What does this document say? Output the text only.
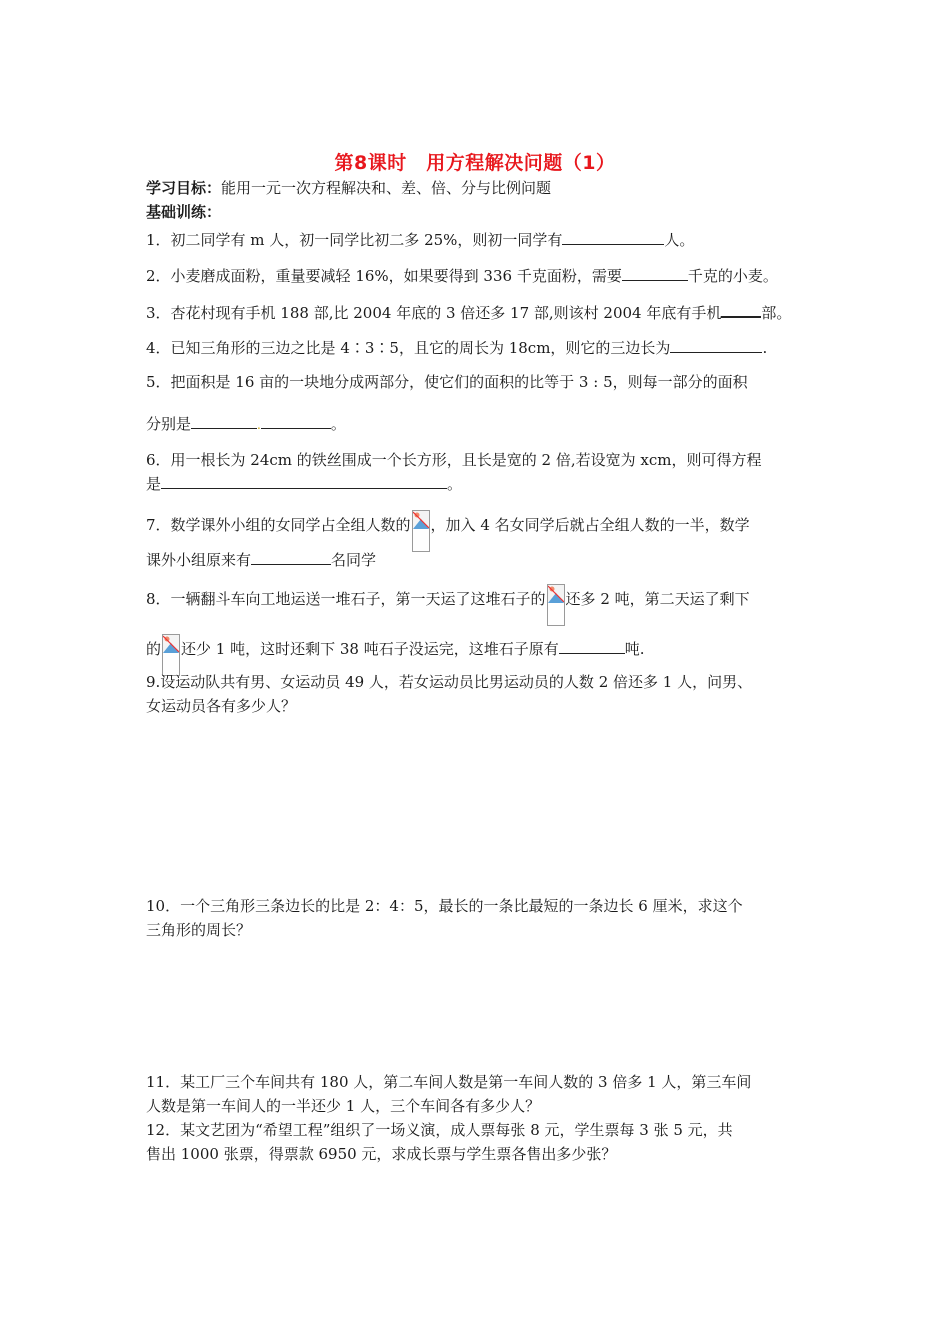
第8课时　用方程解决问题（1）
学习目标：能用一元一次方程解决和、差、倍、分与比例问题
基础训练：
1．初二同学有 m 人，初一同学比初二多 25%，则初一同学有	人。
2．小麦磨成面粉，重量要减轻 16%，如果要得到 336 千克面粉，需要	千克的小麦。
3．杏花村现有手机 188 部,比 2004 年底的 3 倍还多 17 部,则该村 2004 年底有手机	部。
4．已知三角形的三边之比是 4∶3∶5，且它的周长为 18cm，则它的三边长为	.
5．把面积是 16 亩的一块地分成两部分，使它们的面积的比等于 3 : 5，则每一部分的面积
分别是	.	。
6．用一根长为 24cm 的铁丝围成一个长方形，且长是宽的 2 倍,若设宽为 xcm，则可得方程
是	。
7．数学课外小组的女同学占全组人数的 ，加入 4 名女同学后就占全组人数的一半，数学
课外小组原来有	名同学
8．一辆翻斗车向工地运送一堆石子，第一天运了这堆石子的 还多 2 吨，第二天运了剩下
的 还少 1 吨，这时还剩下 38 吨石子没运完，这堆石子原有	吨.
9.设运动队共有男、女运动员 49 人，若女运动员比男运动员的人数 2 倍还多 1 人，问男、
女运动员各有多少人？
10．一个三角形三条边长的比是 2：4：5，最长的一条比最短的一条边长 6 厘米，求这个
三角形的周长？
11．某工厂三个车间共有 180 人，第二车间人数是第一车间人数的 3 倍多 1 人，第三车间
人数是第一车间人的一半还少 1 人，三个车间各有多少人？
12．某文艺团为“希望工程”组织了一场义演，成人票每张 8 元，学生票每 3 张 5 元，共
售出 1000 张票，得票款 6950 元，求成长票与学生票各售出多少张？
